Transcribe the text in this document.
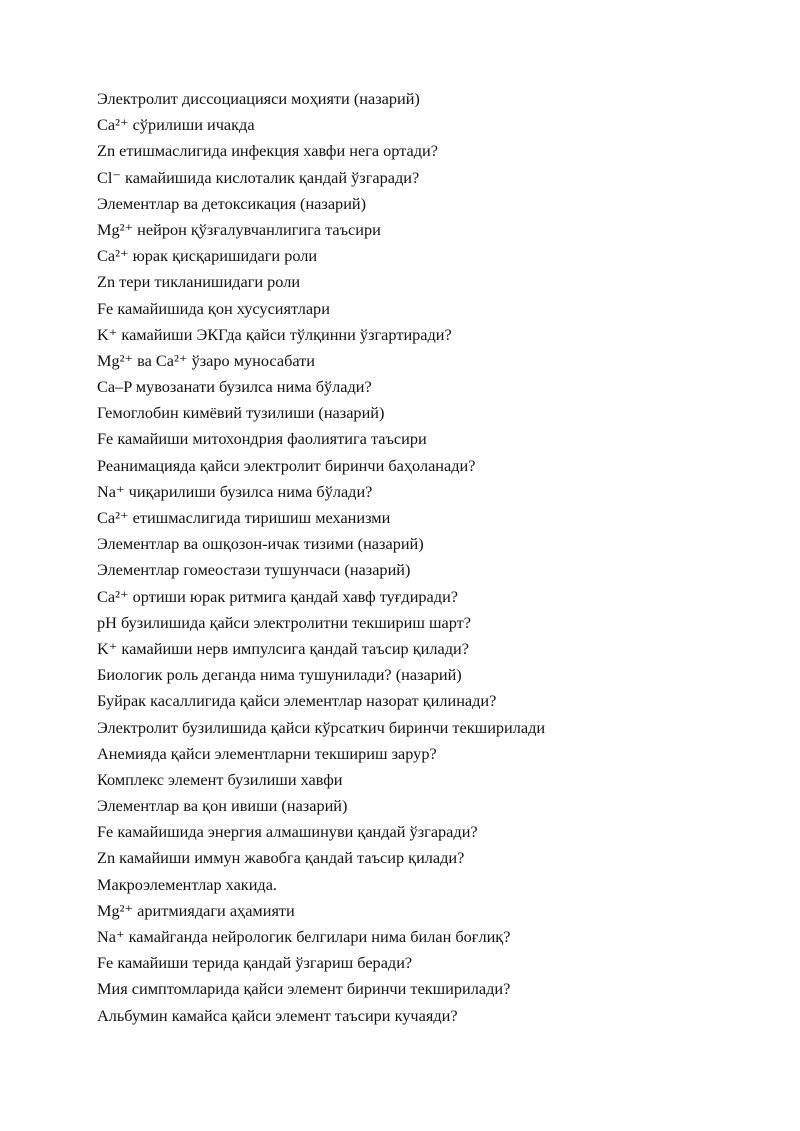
Электролит диссоциацияси моҳияти (назарий)
Ca²⁺ сўрилиши ичакда
Zn етишмаслигида инфекция хавфи нега ортади?
Cl⁻ камайишида кислоталик қандай ўзгаради?
Элементлар ва детоксикация (назарий)
Mg²⁺ нейрон қўзғалувчанлигига таъсири
Ca²⁺ юрак қисқаришидаги роли
Zn тери тикланишидаги роли
Fe камайишида қон хусусиятлари
K⁺ камайиши ЭКГда қайси тўлқинни ўзгартиради?
Mg²⁺ ва Ca²⁺ ўзаро муносабати
Ca–P мувозанати бузилса нима бўлади?
Гемоглобин кимёвий тузилиши (назарий)
Fe камайиши митохондрия фаолиятига таъсири
Реанимацияда қайси электролит биринчи баҳоланади?
Na⁺ чиқарилиши бузилса нима бўлади?
Ca²⁺ етишмаслигида тиришиш механизми
Элементлар ва ошқозон-ичак тизими (назарий)
Элементлар гомеостази тушунчаси (назарий)
Ca²⁺ ортиши юрак ритмига қандай хавф туғдиради?
pH бузилишида қайси электролитни текшириш шарт?
K⁺ камайиши нерв импулсига қандай таъсир қилади?
Биологик роль деганда нима тушунилади? (назарий)
Буйрак касаллигида қайси элементлар назорат қилинади?
Электролит бузилишида қайси кўрсаткич биринчи текширилади
Анемияда қайси элементларни текшириш зарур?
Комплекс элемент бузилиши хавфи
Элементлар ва қон ивиши (назарий)
Fe камайишида энергия алмашинуви қандай ўзгаради?
Zn камайиши иммун жавобга қандай таъсир қилади?
Макроэлементлар хакида.
Mg²⁺ аритмиядаги аҳамияти
Na⁺ камайганда нейрологик белгилари нима билан боғлиқ?
Fe камайиши терида қандай ўзгариш беради?
Мия симптомларида қайси элемент биринчи текширилади?
Альбумин камайса қайси элемент таъсири кучаяди?
